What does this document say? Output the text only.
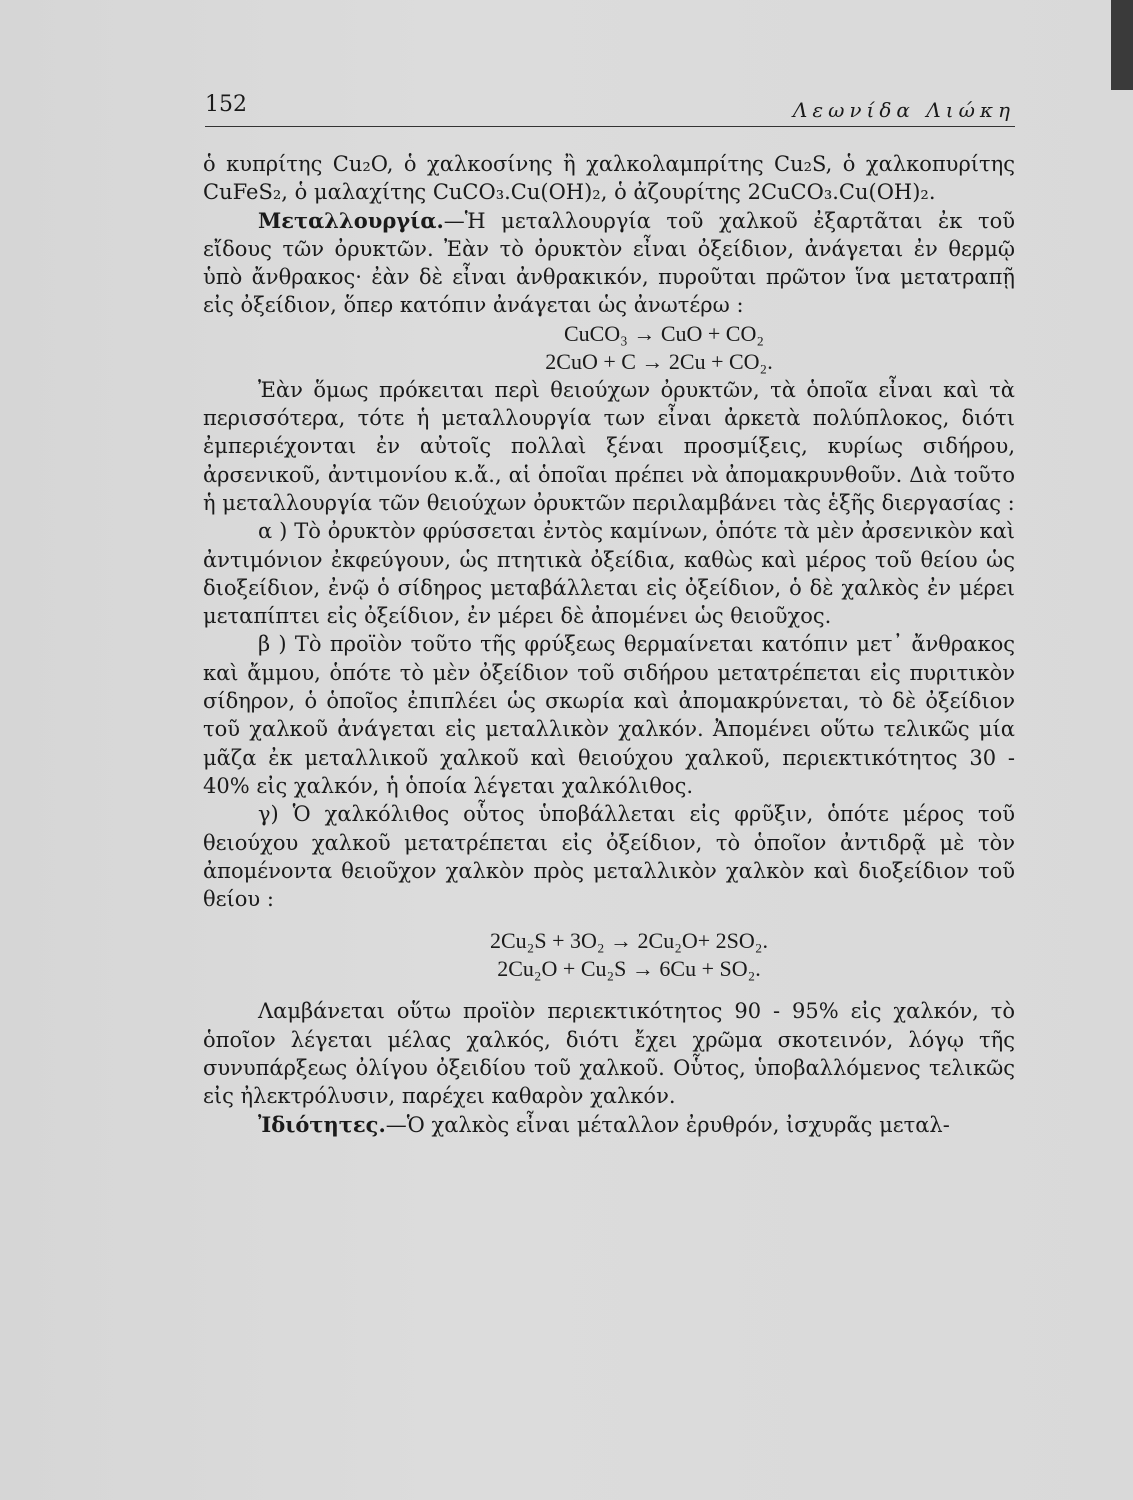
152	Λεωνίδα Λιώκη

ὁ κυπρίτης Cu₂O, ὁ χαλκοσίνης ἢ χαλκολαμπρίτης Cu₂S, ὁ χαλκοπυρίτης CuFeS₂, ὁ μαλαχίτης CuCO₃.Cu(OH)₂, ὁ ἀζουρίτης 2CuCO₃.Cu(OH)₂.

Μεταλλουργία.—Ἡ μεταλλουργία τοῦ χαλκοῦ ἐξαρτᾶται ἐκ τοῦ εἴδους τῶν ὀρυκτῶν. Ἐὰν τὸ ὀρυκτὸν εἶναι ὀξείδιον, ἀνάγεται ἐν θερμῷ ὑπὸ ἄνθρακος· ἐὰν δὲ εἶναι ἀνθρακικόν, πυροῦται πρῶτον ἵνα μετατραπῇ εἰς ὀξείδιον, ὅπερ κατόπιν ἀνάγεται ὡς ἀνωτέρω :

CuCO₃ → CuO + CO₂
2CuO + C → 2Cu + CO₂.

Ἐὰν ὅμως πρόκειται περὶ θειούχων ὀρυκτῶν, τὰ ὁποῖα εἶναι καὶ τὰ περισσότερα, τότε ἡ μεταλλουργία των εἶναι ἀρκετὰ πολύπλοκος, διότι ἐμπεριέχονται ἐν αὐτοῖς πολλαὶ ξέναι προσμίξεις, κυρίως σιδήρου, ἀρσενικοῦ, ἀντιμονίου κ.ἄ., αἱ ὁποῖαι πρέπει νὰ ἀπομακρυνθοῦν. Διὰ τοῦτο ἡ μεταλλουργία τῶν θειούχων ὀρυκτῶν περιλαμβάνει τὰς ἑξῆς διεργασίας :

α ) Τὸ ὀρυκτὸν φρύσσεται ἐντὸς καμίνων, ὁπότε τὰ μὲν ἀρσενικὸν καὶ ἀντιμόνιον ἐκφεύγουν, ὡς πτητικὰ ὀξείδια, καθὼς καὶ μέρος τοῦ θείου ὡς διοξείδιον, ἐνῷ ὁ σίδηρος μεταβάλλεται εἰς ὀξείδιον, ὁ δὲ χαλκὸς ἐν μέρει μεταπίπτει εἰς ὀξείδιον, ἐν μέρει δὲ ἀπομένει ὡς θειοῦχος.

β ) Τὸ προϊὸν τοῦτο τῆς φρύξεως θερμαίνεται κατόπιν μετ᾽ ἄνθρακος καὶ ἄμμου, ὁπότε τὸ μὲν ὀξείδιον τοῦ σιδήρου μετατρέπεται εἰς πυριτικὸν σίδηρον, ὁ ὁποῖος ἐπιπλέει ὡς σκωρία καὶ ἀπομακρύνεται, τὸ δὲ ὀξείδιον τοῦ χαλκοῦ ἀνάγεται εἰς μεταλλικὸν χαλκόν. Ἀπομένει οὕτω τελικῶς μία μᾶζα ἐκ μεταλλικοῦ χαλκοῦ καὶ θειούχου χαλκοῦ, περιεκτικότητος 30 - 40% εἰς χαλκόν, ἡ ὁποία λέγεται χαλκόλιθος.

γ) Ὁ χαλκόλιθος οὗτος ὑποβάλλεται εἰς φρῦξιν, ὁπότε μέρος τοῦ θειούχου χαλκοῦ μετατρέπεται εἰς ὀξείδιον, τὸ ὁποῖον ἀντιδρᾷ μὲ τὸν ἀπομένοντα θειοῦχον χαλκὸν πρὸς μεταλλικὸν χαλκὸν καὶ διοξείδιον τοῦ θείου :

2Cu₂S + 3O₂ → 2Cu₂O+ 2SO₂.
2Cu₂O + Cu₂S → 6Cu + SO₂.

Λαμβάνεται οὕτω προϊὸν περιεκτικότητος 90 - 95% εἰς χαλκόν, τὸ ὁποῖον λέγεται μέλας χαλκός, διότι ἔχει χρῶμα σκοτεινόν, λόγῳ τῆς συνυπάρξεως ὀλίγου ὀξειδίου τοῦ χαλκοῦ. Οὗτος, ὑποβαλλόμενος τελικῶς εἰς ἠλεκτρόλυσιν, παρέχει καθαρὸν χαλκόν.

Ἰδιότητες.—Ὁ χαλκὸς εἶναι μέταλλον ἐρυθρόν, ἰσχυρᾶς μεταλ-
